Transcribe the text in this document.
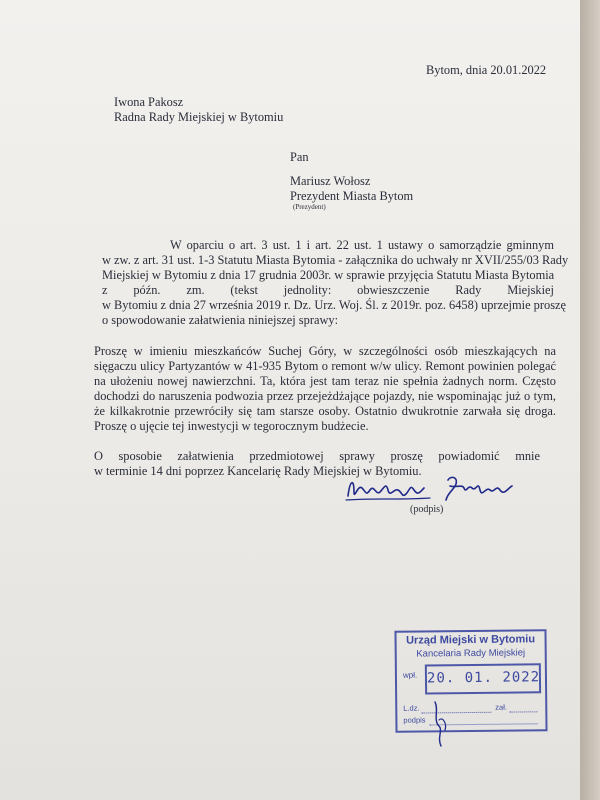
Bytom, dnia 20.01.2022
Iwona Pakosz
Radna Rady Miejskiej w Bytomiu
Pan
Mariusz Wołosz
Prezydent Miasta Bytom
(Prezydent)
W oparciu o art. 3 ust. 1 i art. 22 ust. 1 ustawy o samorządzie gminnym
w zw. z art. 31 ust. 1-3 Statutu Miasta Bytomia - załącznika do uchwały nr XVII/255/03 Rady
Miejskiej w Bytomiu z dnia 17 grudnia 2003r. w sprawie przyjęcia Statutu Miasta Bytomia
z późn. zm. (tekst jednolity: obwieszczenie Rady Miejskiej
w Bytomiu z dnia 27 września 2019 r. Dz. Urz. Woj. Śl. z 2019r. poz. 6458) uprzejmie proszę
o spowodowanie załatwienia niniejszej sprawy:
Proszę w imieniu mieszkańców Suchej Góry, w szczególności osób mieszkających na
sięgaczu ulicy Partyzantów w 41-935 Bytom o remont w/w ulicy. Remont powinien polegać
na ułożeniu nowej nawierzchni. Ta, która jest tam teraz nie spełnia żadnych norm. Często
dochodzi do naruszenia podwozia przez przejeżdżające pojazdy, nie wspominając już o tym,
że kilkakrotnie przewróciły się tam starsze osoby. Ostatnio dwukrotnie zarwała się droga.
Proszę o ujęcie tej inwestycji w tegorocznym budżecie.
O sposobie załatwienia przedmiotowej sprawy proszę powiadomić mnie
w terminie 14 dni poprzez Kancelarię Rady Miejskiej w Bytomiu.
(podpis)
Urząd Miejski w Bytomiu
Kancelaria Rady Miejskiej
wpł. 20. 01. 2022
L.dz.	zał.
podpis
